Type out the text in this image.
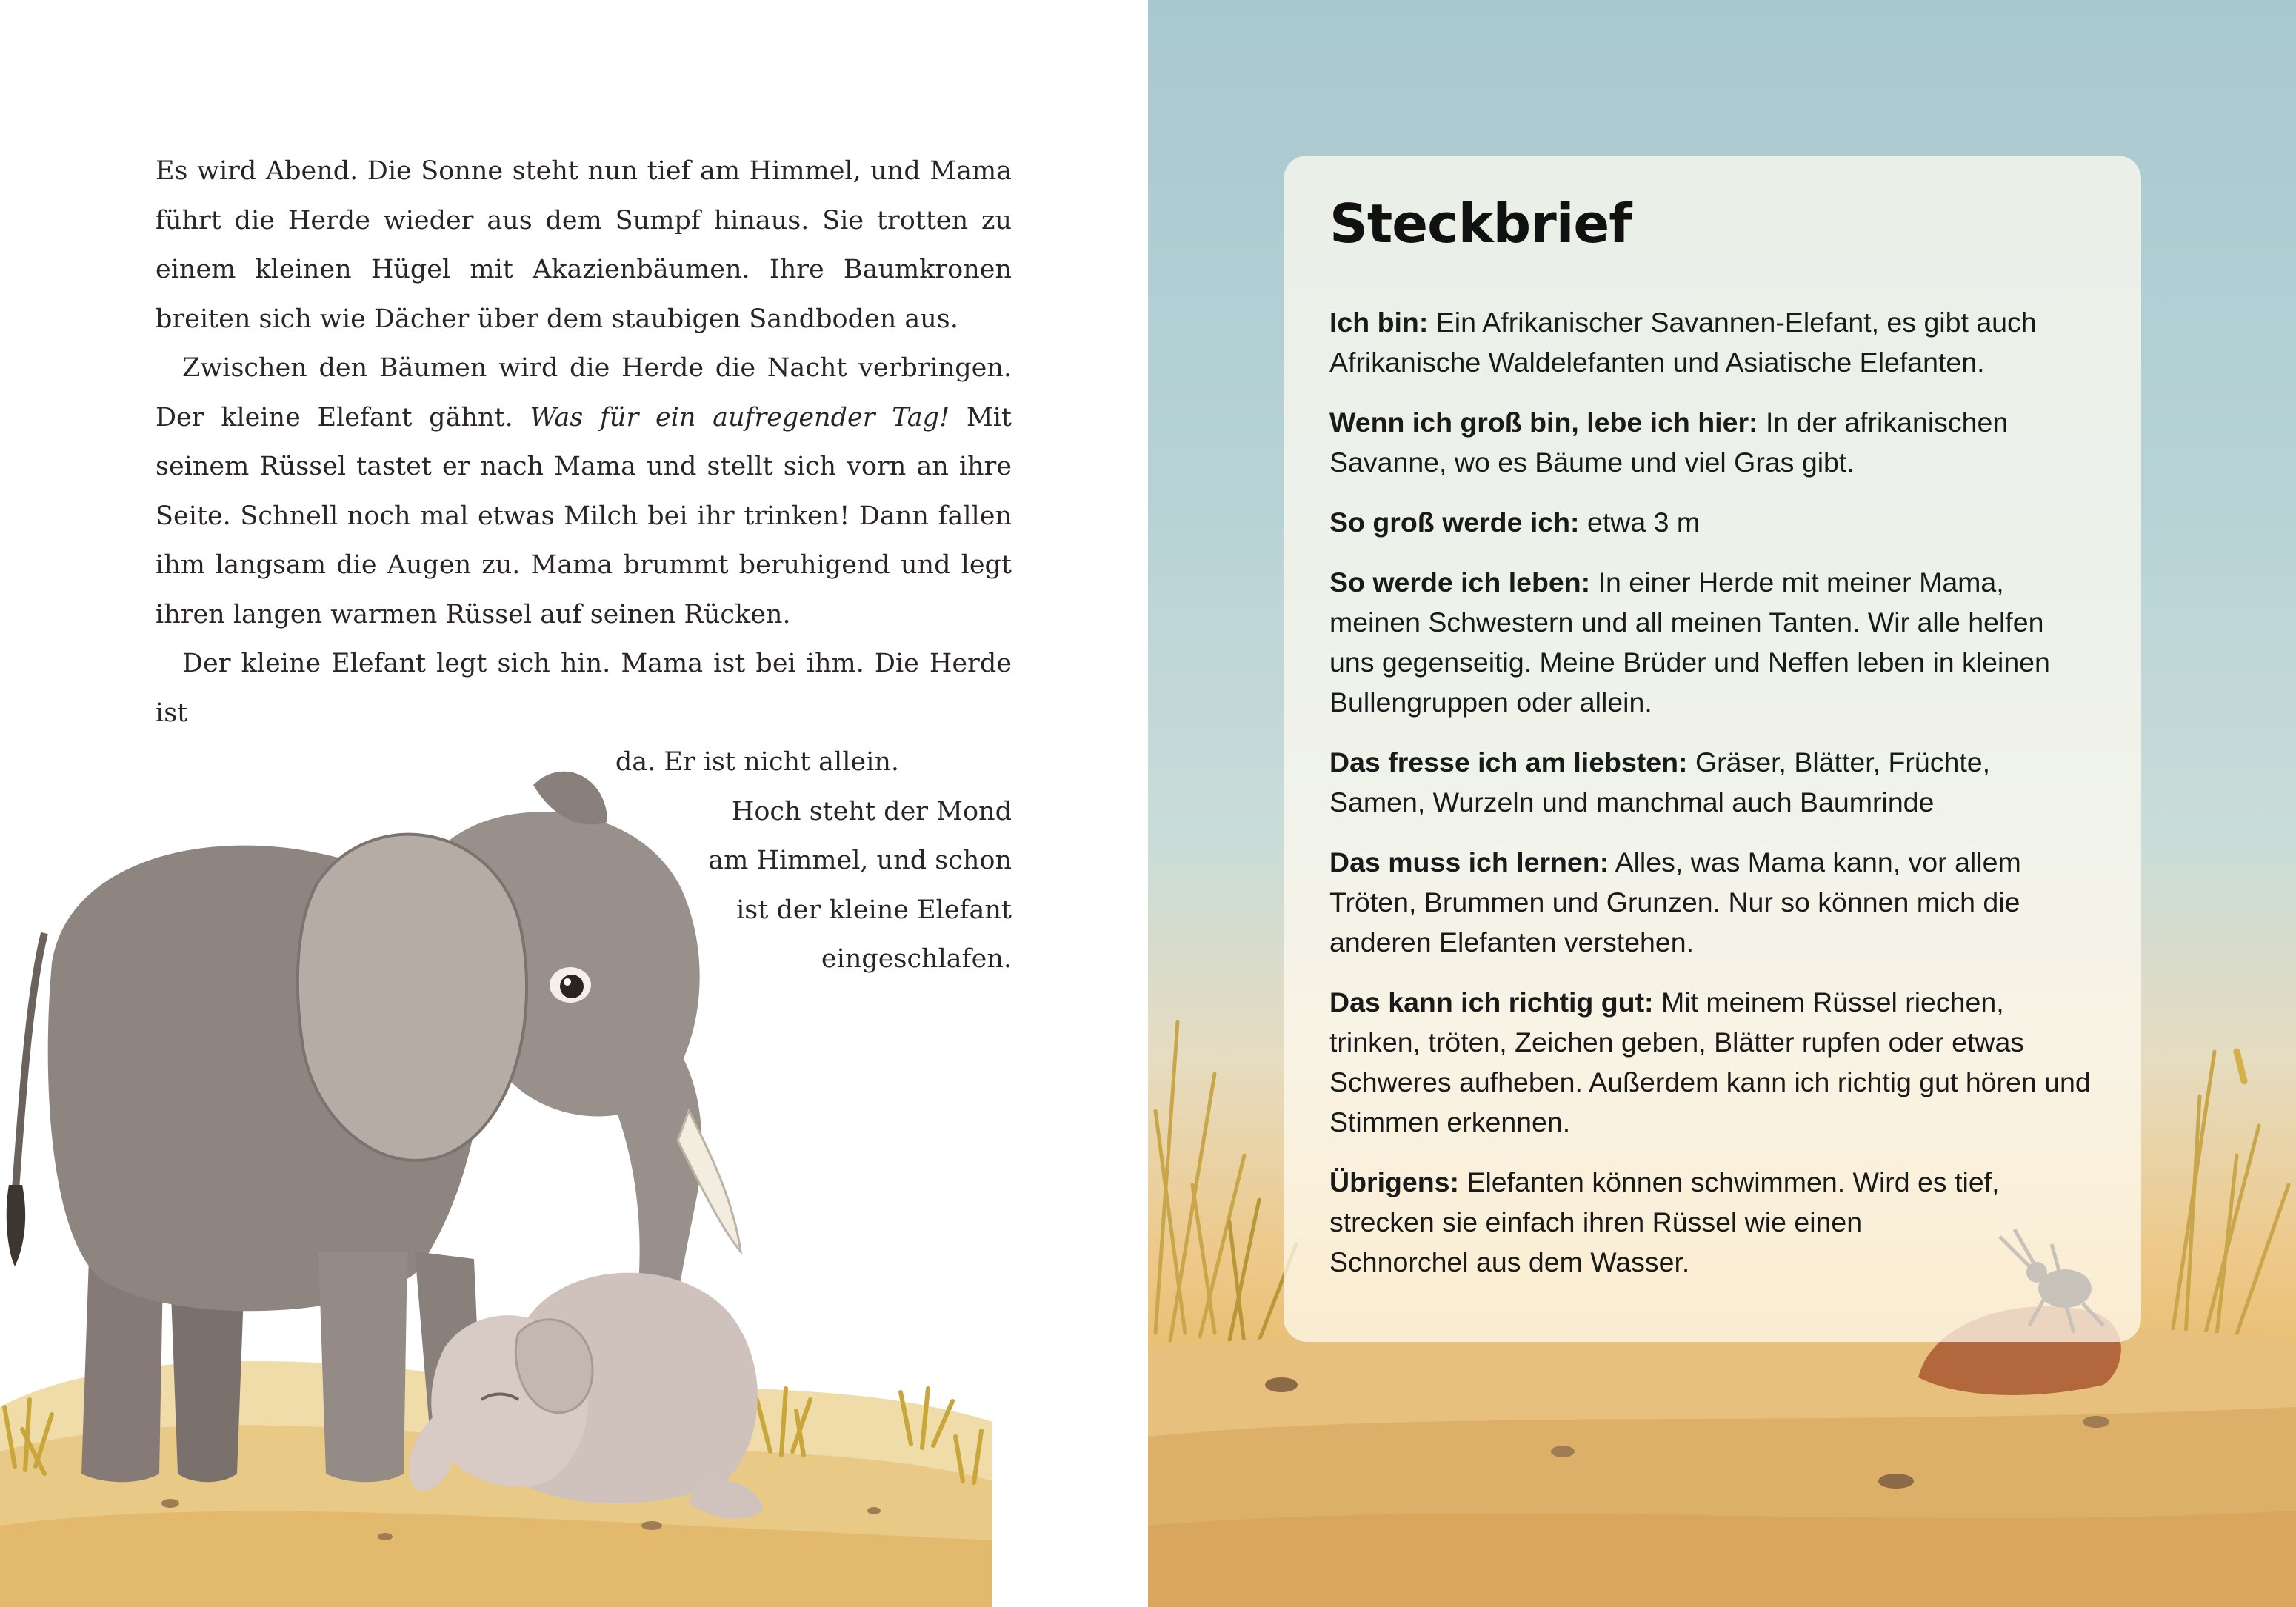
Es wird Abend. Die Sonne steht nun tief am Himmel, und Mama führt die Herde wieder aus dem Sumpf hinaus. Sie trotten zu einem kleinen Hügel mit Akazienbäumen. Ihre Baumkronen breiten sich wie Dächer über dem staubigen Sandboden aus.

Zwischen den Bäumen wird die Herde die Nacht verbringen. Der kleine Elefant gähnt. Was für ein aufregender Tag! Mit seinem Rüssel tastet er nach Mama und stellt sich vorn an ihre Seite. Schnell noch mal etwas Milch bei ihr trinken! Dann fallen ihm langsam die Augen zu. Mama brummt beruhigend und legt ihren langen warmen Rüssel auf seinen Rücken.

Der kleine Elefant legt sich hin. Mama ist bei ihm. Die Herde ist

da. Er ist nicht allein.

Hoch steht der Mond
am Himmel, und schon
ist der kleine Elefant
eingeschlafen.
Steckbrief

Ich bin: Ein Afrikanischer Savannen-Elefant, es gibt auch Afrikanische Waldelefanten und Asiatische Elefanten.

Wenn ich groß bin, lebe ich hier: In der afrikanischen Savanne, wo es Bäume und viel Gras gibt.

So groß werde ich: etwa 3 m

So werde ich leben: In einer Herde mit meiner Mama, meinen Schwestern und all meinen Tanten. Wir alle helfen uns gegenseitig. Meine Brüder und Neffen leben in kleinen Bullengruppen oder allein.

Das fresse ich am liebsten: Gräser, Blätter, Früchte, Samen, Wurzeln und manchmal auch Baumrinde

Das muss ich lernen: Alles, was Mama kann, vor allem Tröten, Brummen und Grunzen. Nur so können mich die anderen Elefanten verstehen.

Das kann ich richtig gut: Mit meinem Rüssel riechen, trinken, tröten, Zeichen geben, Blätter rupfen oder etwas Schweres aufheben. Außerdem kann ich richtig gut hören und Stimmen erkennen.

Übrigens: Elefanten können schwimmen. Wird es tief,
strecken sie einfach ihren Rüssel wie einen
Schnorchel aus dem Wasser.
